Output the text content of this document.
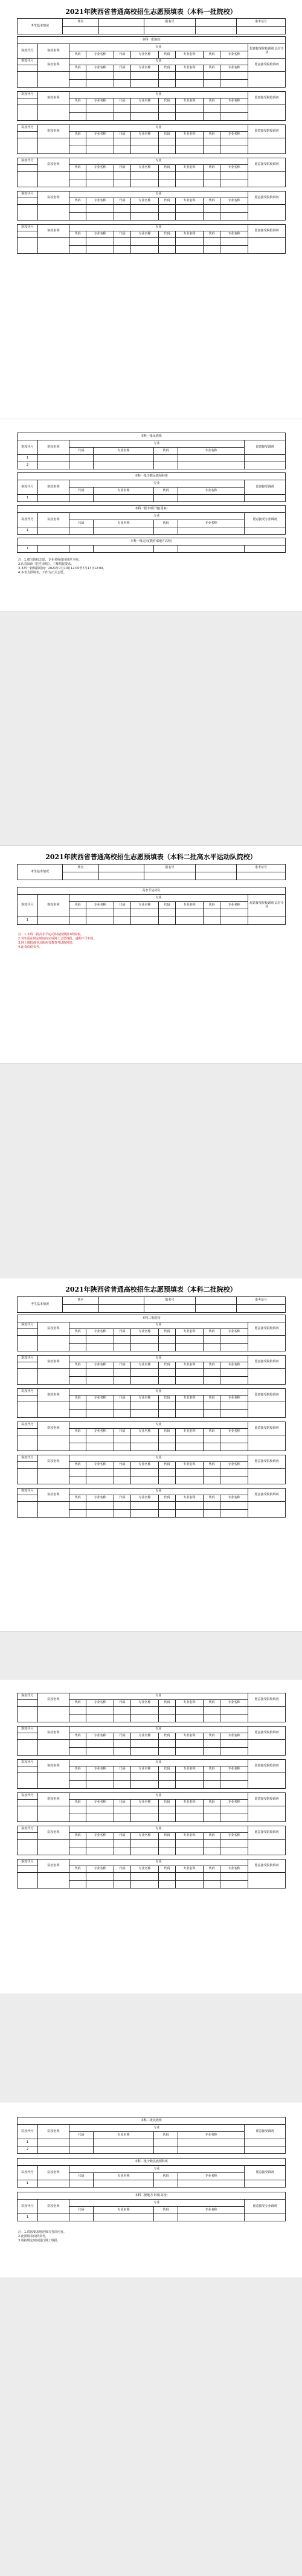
2021年陕西省普通高校招生志愿预填表（本科一批院校）
考生基本情况	姓名		报名号		准考证号

本科一批院校										
院校代号	院校名称	专业								愿意接受院校调剂 具有专业
		代码	专业名称	代码	专业名称	代码	专业名称	代码	专业名称	
院校代号	院校名称	专业								愿意接受院校调剂
		代码	专业名称	代码	专业名称	代码	专业名称	代码	专业名称	

院校代号	院校名称	专业								愿意接受院校调剂
		代码	专业名称	代码	专业名称	代码	专业名称	代码	专业名称	

院校代号	院校名称	专业								愿意接受院校调剂
		代码	专业名称	代码	专业名称	代码	专业名称	代码	专业名称	

院校代号	院校名称	专业								愿意接受院校调剂
		代码	专业名称	代码	专业名称	代码	专业名称	代码	专业名称	

院校代号	院校名称	专业								愿意接受院校调剂
		代码	专业名称	代码	专业名称	代码	专业名称	代码	专业名称	

院校代号	院校名称	专业								愿意接受院校调剂
		代码	专业名称	代码	专业名称	代码	专业名称	代码	专业名称	

本科一批民族班						
院校代号	院校名称	专业				愿意接受调剂
		代码	专业名称	代码	专业名称	
1						
2						
本科一批少数民族预科班						
院校代号	院校名称	专业				愿意接受调剂
		代码	专业名称	代码	专业名称	
1						
本科一批专项计划(国家)						
院校代号	院校名称	专业				愿意接受专业调剂
		代码	专业名称	代码	专业名称	
1						
本科一批定向(教育部地方高校)
1						
注：1.填写院校志愿、专业名称请用规范全称。
2.认真阅读《招生章程》，了解填报要求。
3.本科一批填报时间：2021年7月10日12:00至7月17日12:00。
4.本表为预填表，不作为正式志愿。
2021年陕西省普通高校招生志愿预填表（本科二批高水平运动队院校）
考生基本情况	姓名		报名号		准考证号

高水平运动队										
院校代号	院校名称	专业								愿意接受院校调剂 具有专业
		代码	专业名称	代码	专业名称	代码	专业名称	代码	专业名称	

1										
注：1.本科二批高水平运动队院校限报1所院校。
2.考生需在规定时间内完成网上志愿填报，逾期不予补报。
3.网上填报请登录陕西省教育考试院网站。
4.此表仅供参考。
2021年陕西省普通高校招生志愿预填表（本科二批院校）
考生基本情况	姓名		报名号		准考证号

本科二批院校
院校代号	院校名称	专业								愿意接受院校调剂
		代码	专业名称	代码	专业名称	代码	专业名称	代码	专业名称	

院校代号	院校名称	专业								愿意接受院校调剂
		代码	专业名称	代码	专业名称	代码	专业名称	代码	专业名称	

院校代号	院校名称	专业								愿意接受院校调剂
		代码	专业名称	代码	专业名称	代码	专业名称	代码	专业名称	

院校代号	院校名称	专业								愿意接受院校调剂
		代码	专业名称	代码	专业名称	代码	专业名称	代码	专业名称	

院校代号	院校名称	专业								愿意接受院校调剂
		代码	专业名称	代码	专业名称	代码	专业名称	代码	专业名称	

院校代号	院校名称	专业								愿意接受院校调剂
		代码	专业名称	代码	专业名称	代码	专业名称	代码	专业名称	

院校代号	院校名称	专业								愿意接受院校调剂
		代码	专业名称	代码	专业名称	代码	专业名称	代码	专业名称	

院校代号	院校名称	专业								愿意接受院校调剂
		代码	专业名称	代码	专业名称	代码	专业名称	代码	专业名称	

院校代号	院校名称	专业								愿意接受院校调剂
		代码	专业名称	代码	专业名称	代码	专业名称	代码	专业名称	

院校代号	院校名称	专业								愿意接受院校调剂
		代码	专业名称	代码	专业名称	代码	专业名称	代码	专业名称	

院校代号	院校名称	专业								愿意接受院校调剂
		代码	专业名称	代码	专业名称	代码	专业名称	代码	专业名称	

院校代号	院校名称	专业								愿意接受院校调剂
		代码	专业名称	代码	专业名称	代码	专业名称	代码	专业名称	

本科二批民族班						
院校代号	院校名称	专业				愿意接受调剂
		代码	专业名称	代码	专业名称	
1						
2						
本科二批少数民族预科班						
院校代号	院校名称	专业				愿意接受调剂
		代码	专业名称	代码	专业名称	
1						
本科二批地方专项(高校)						
院校代号	院校名称	专业				愿意接受专业调剂
		代码	专业名称	代码	专业名称	
1						
注：1.请按要求规范填写各项内容。
2.此预填表仅供参考。
3.请按规定时间进行网上填报。
